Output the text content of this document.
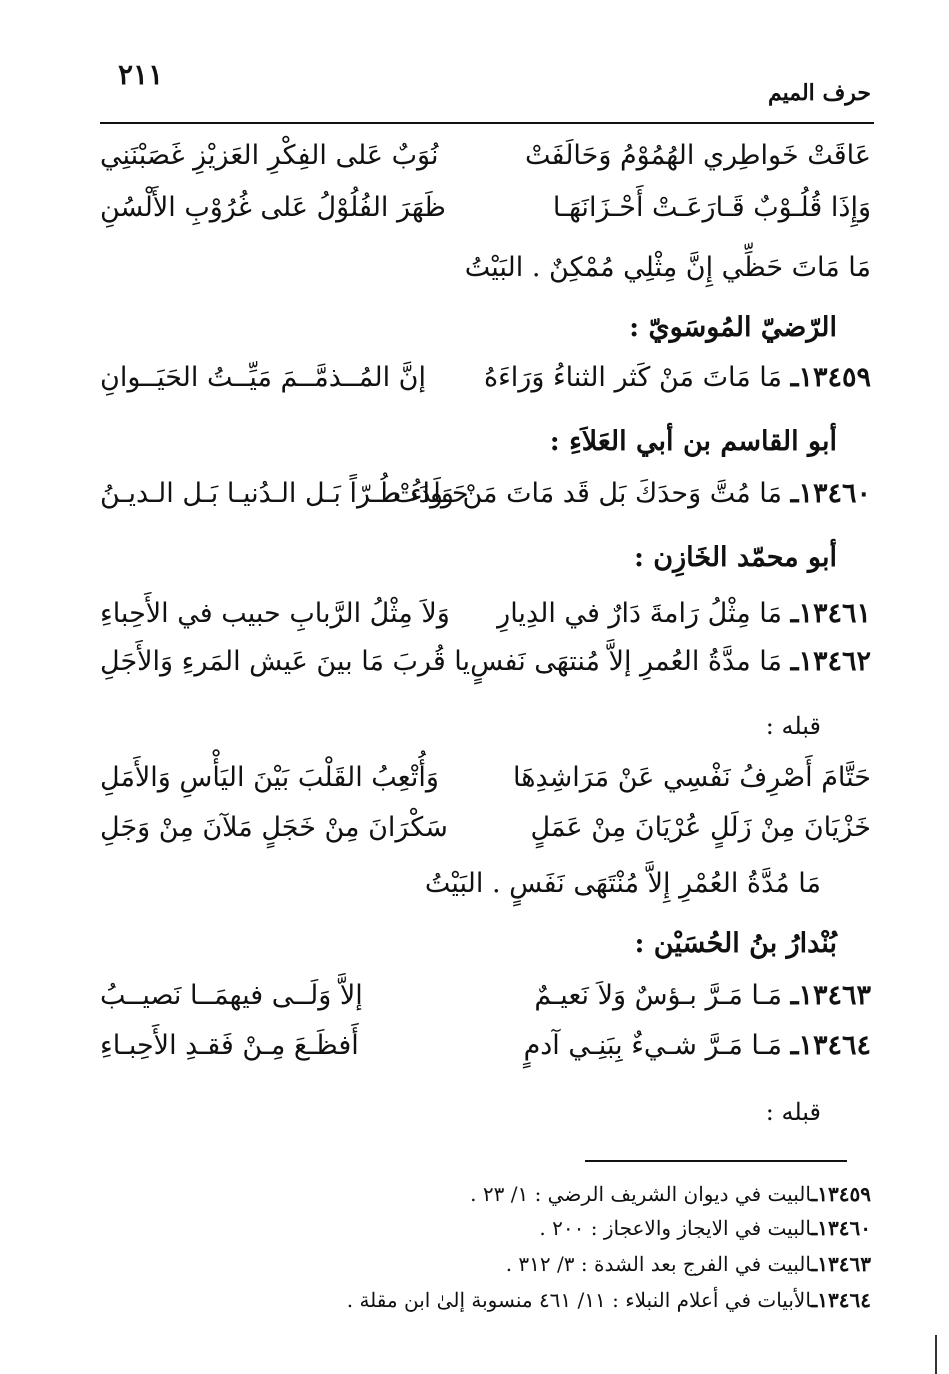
٢١١
حرف الميم
عَاقَتْ خَواطِري الهُمُوْمُ وَحَالَفَتْ
نُوَبٌ عَلى الفِكْرِ العَزيْزِ غَصَبْنَنِي
وَإِذَا قُلُـوْبٌ قَـارَعَـتْ أَحْـزَانَهَـا
ظَهَرَ الفُلُوْلُ عَلى غُرُوْبِ الأَلْسُنِ
مَا مَاتَ حَظِّي إِنَّ مِثْلِي مُمْكِنٌ . البَيْتُ
الرّضيّ المُوسَويّ :
١٣٤٥٩ـ مَا مَاتَ مَنْ كَثر الثناءُ وَرَاءَهُ
إنَّ المُــذمَّــمَ مَيِّــتُ الحَيَــوانِ
أبو القاسم بن أبي العَلاَءِ :
١٣٤٦٠ـ مَا مُتَّ وَحدَكَ بَل قَد مَاتَ مَنْ وَلَدَتْ
حَـواءُ طُـرّاً بَـل الـدُنيـا بَـل الـديـنُ
أبو محمّد الخَازِن :
١٣٤٦١ـ مَا مِثْلُ رَامةَ دَارٌ في الدِيارِ
وَلاَ مِثْلُ الرَّبابِ حبيب في الأَحِباءِ
١٣٤٦٢ـ مَا مدَّةُ العُمرِ إلاَّ مُنتهَى نَفسٍ
يا قُربَ مَا بينَ عَيش المَرءِ وَالأَجَلِ
قبله :
حَتَّامَ أَصْرِفُ نَفْسِي عَنْ مَرَاشِدِهَا
وَأُتْعِبُ القَلْبَ بَيْنَ اليَأْسِ وَالأَمَلِ
خَزْيَانَ مِنْ زَلَلٍ عُرْيَانَ مِنْ عَمَلٍ
سَكْرَانَ مِنْ خَجَلٍ مَلآنَ مِنْ وَجَلِ
مَا مُدَّةُ العُمْرِ إِلاَّ مُنْتَهَى نَفَسٍ . البَيْتُ
بُنْدارُ بنُ الحُسَيْن :
١٣٤٦٣ـ مَـا مَـرَّ بـؤسٌ وَلاَ نَعيـمٌ
إلاَّ وَلَــى فيهمَــا نَصيــبُ
١٣٤٦٤ـ مَـا مَـرَّ شـيءٌ بِبَنِـي آدمٍ
أَفظَـعَ مِـنْ فَقـدِ الأَحِبـاءِ
قبله :
١٣٤٥٩ـالبيت في ديوان الشريف الرضي : ١/ ٢٣ .
١٣٤٦٠ـالبيت في الايجاز والاعجاز : ٢٠٠ .
١٣٤٦٣ـالبيت في الفرج بعد الشدة : ٣/ ٣١٢ .
١٣٤٦٤ـالأبيات في أعلام النبلاء : ١١/ ٤٦١ منسوبة إلىٰ ابن مقلة .
